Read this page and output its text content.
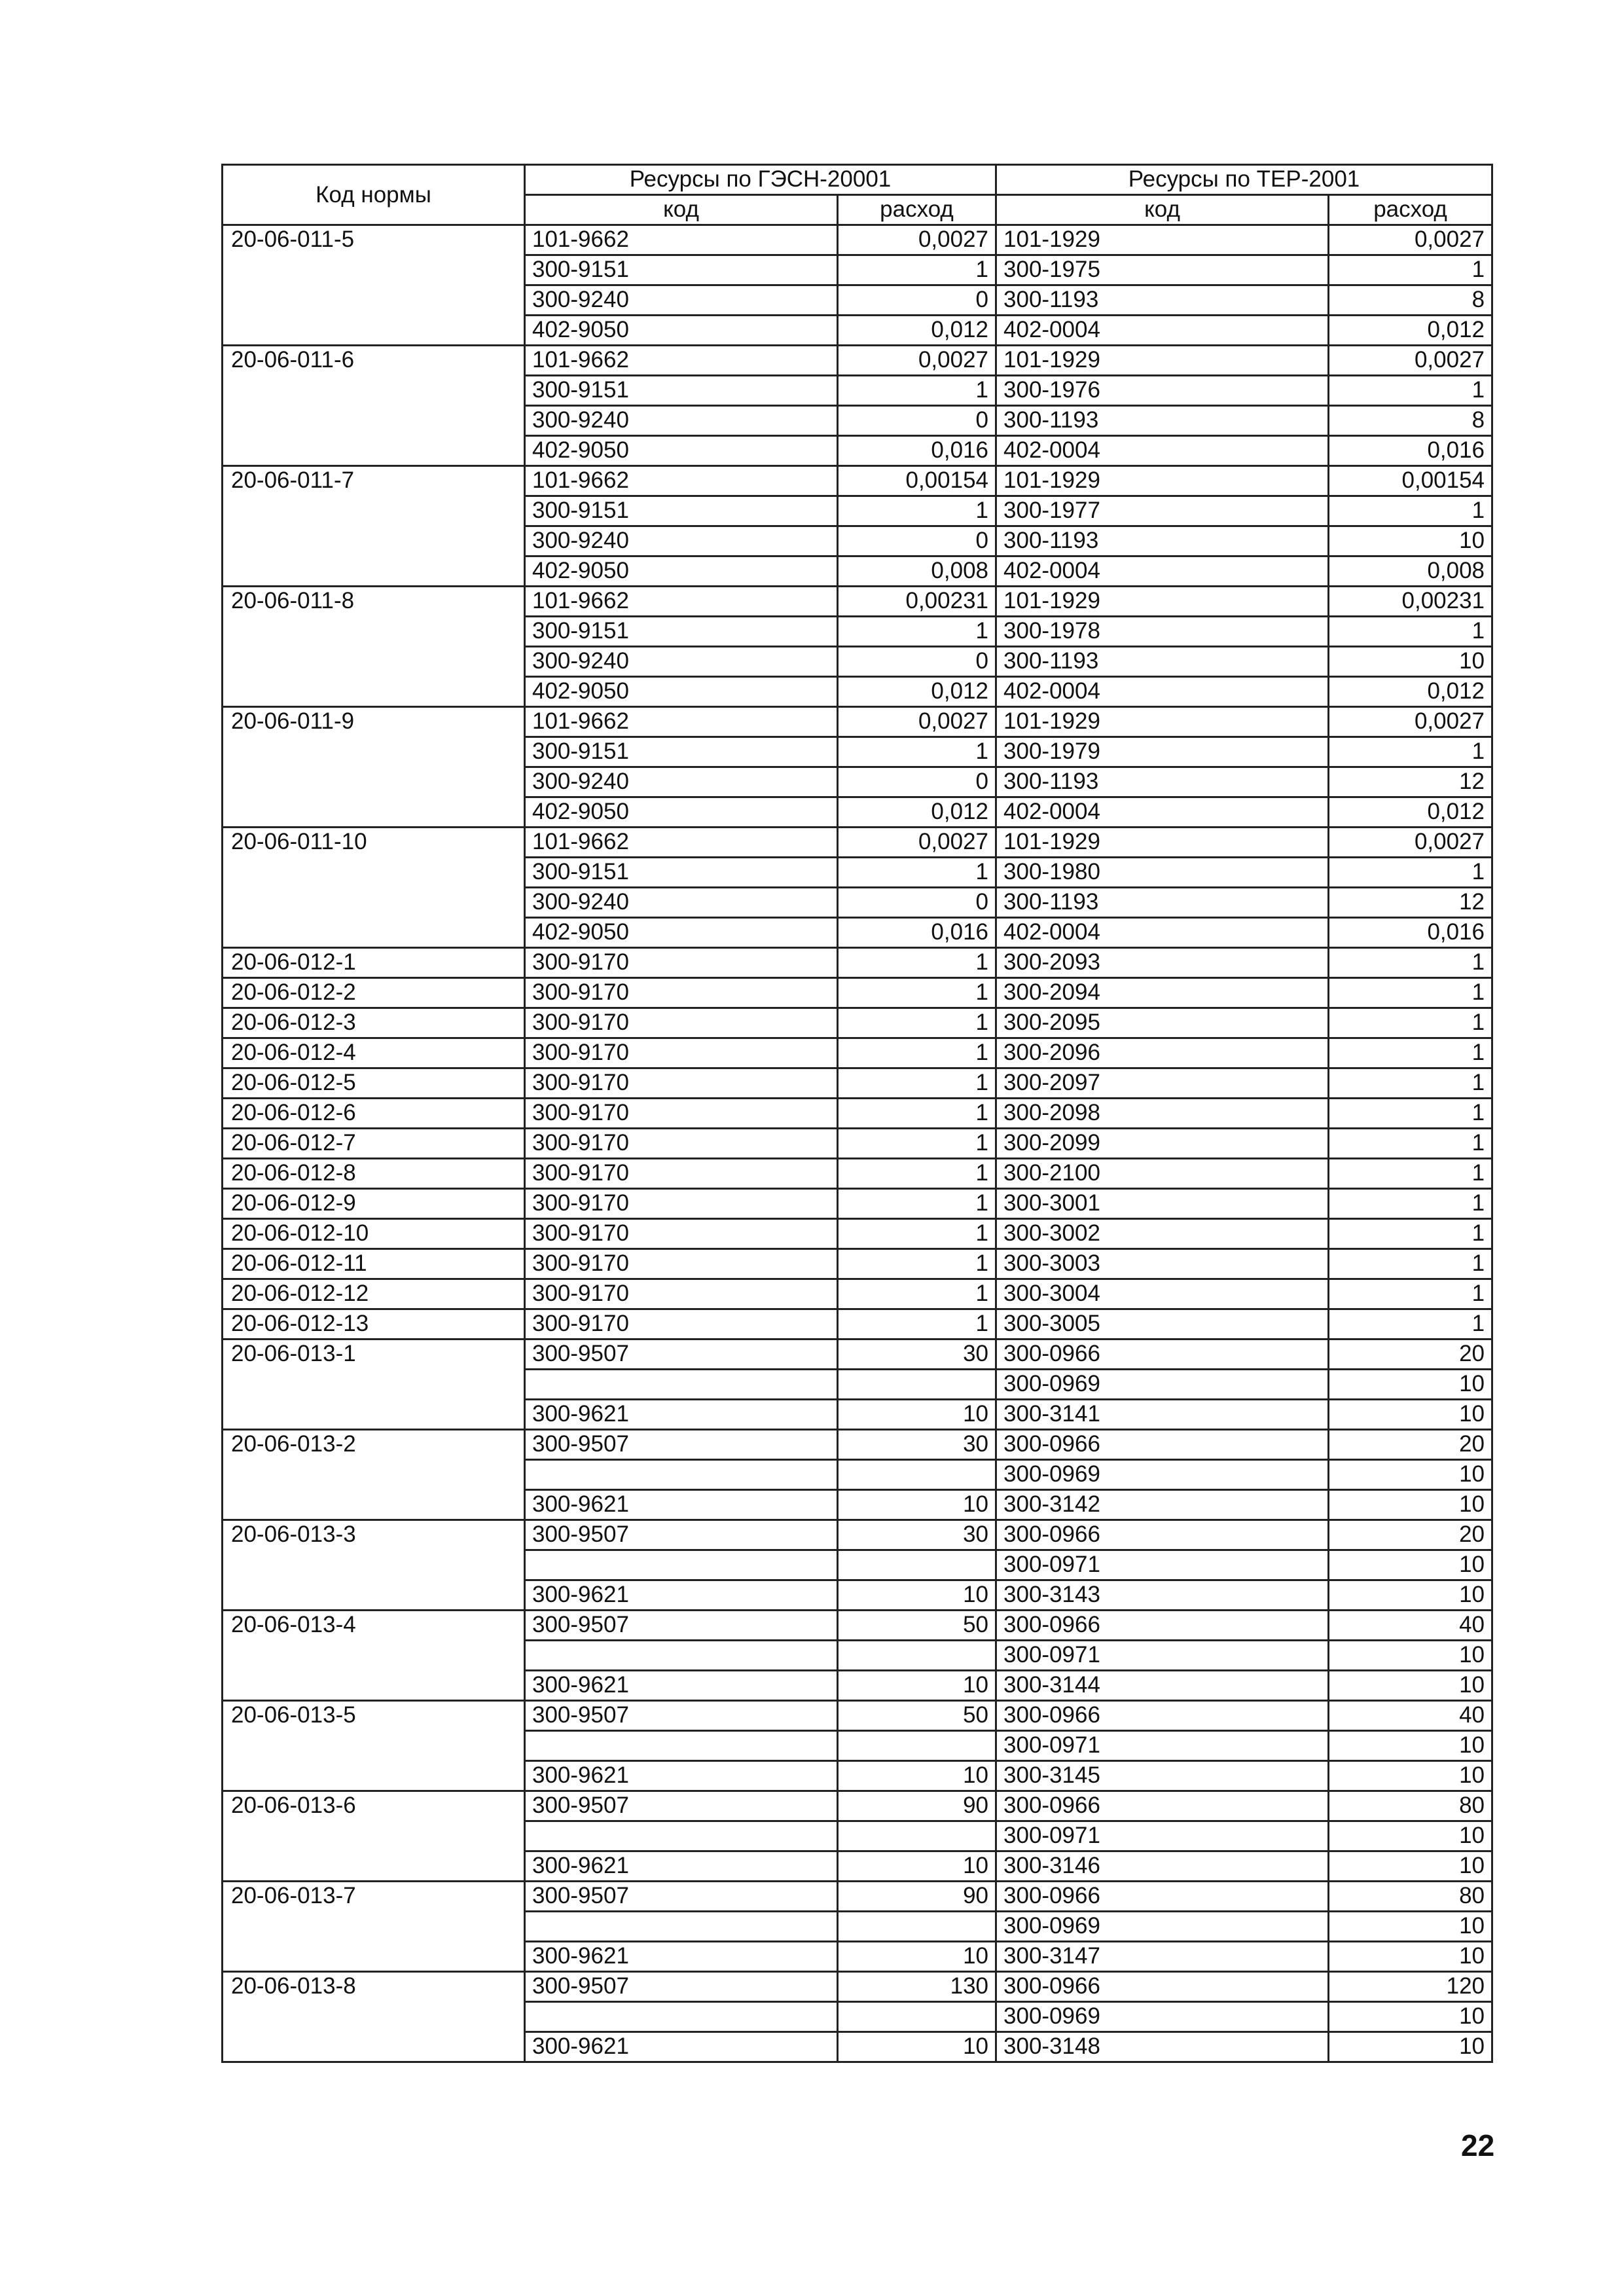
Код нормы	Ресурсы по ГЭСН-20001		Ресурсы по ТЕР-2001	
	код	расход	код	расход
20-06-011-5	101-9662	0,0027	101-1929	0,0027
	300-9151	1	300-1975	1
	300-9240	0	300-1193	8
	402-9050	0,012	402-0004	0,012
20-06-011-6	101-9662	0,0027	101-1929	0,0027
	300-9151	1	300-1976	1
	300-9240	0	300-1193	8
	402-9050	0,016	402-0004	0,016
20-06-011-7	101-9662	0,00154	101-1929	0,00154
	300-9151	1	300-1977	1
	300-9240	0	300-1193	10
	402-9050	0,008	402-0004	0,008
20-06-011-8	101-9662	0,00231	101-1929	0,00231
	300-9151	1	300-1978	1
	300-9240	0	300-1193	10
	402-9050	0,012	402-0004	0,012
20-06-011-9	101-9662	0,0027	101-1929	0,0027
	300-9151	1	300-1979	1
	300-9240	0	300-1193	12
	402-9050	0,012	402-0004	0,012
20-06-011-10	101-9662	0,0027	101-1929	0,0027
	300-9151	1	300-1980	1
	300-9240	0	300-1193	12
	402-9050	0,016	402-0004	0,016
20-06-012-1	300-9170	1	300-2093	1
20-06-012-2	300-9170	1	300-2094	1
20-06-012-3	300-9170	1	300-2095	1
20-06-012-4	300-9170	1	300-2096	1
20-06-012-5	300-9170	1	300-2097	1
20-06-012-6	300-9170	1	300-2098	1
20-06-012-7	300-9170	1	300-2099	1
20-06-012-8	300-9170	1	300-2100	1
20-06-012-9	300-9170	1	300-3001	1
20-06-012-10	300-9170	1	300-3002	1
20-06-012-11	300-9170	1	300-3003	1
20-06-012-12	300-9170	1	300-3004	1
20-06-012-13	300-9170	1	300-3005	1
20-06-013-1	300-9507	30	300-0966	20
			300-0969	10
	300-9621	10	300-3141	10
20-06-013-2	300-9507	30	300-0966	20
			300-0969	10
	300-9621	10	300-3142	10
20-06-013-3	300-9507	30	300-0966	20
			300-0971	10
	300-9621	10	300-3143	10
20-06-013-4	300-9507	50	300-0966	40
			300-0971	10
	300-9621	10	300-3144	10
20-06-013-5	300-9507	50	300-0966	40
			300-0971	10
	300-9621	10	300-3145	10
20-06-013-6	300-9507	90	300-0966	80
			300-0971	10
	300-9621	10	300-3146	10
20-06-013-7	300-9507	90	300-0966	80
			300-0969	10
	300-9621	10	300-3147	10
20-06-013-8	300-9507	130	300-0966	120
			300-0969	10
	300-9621	10	300-3148	10
22
